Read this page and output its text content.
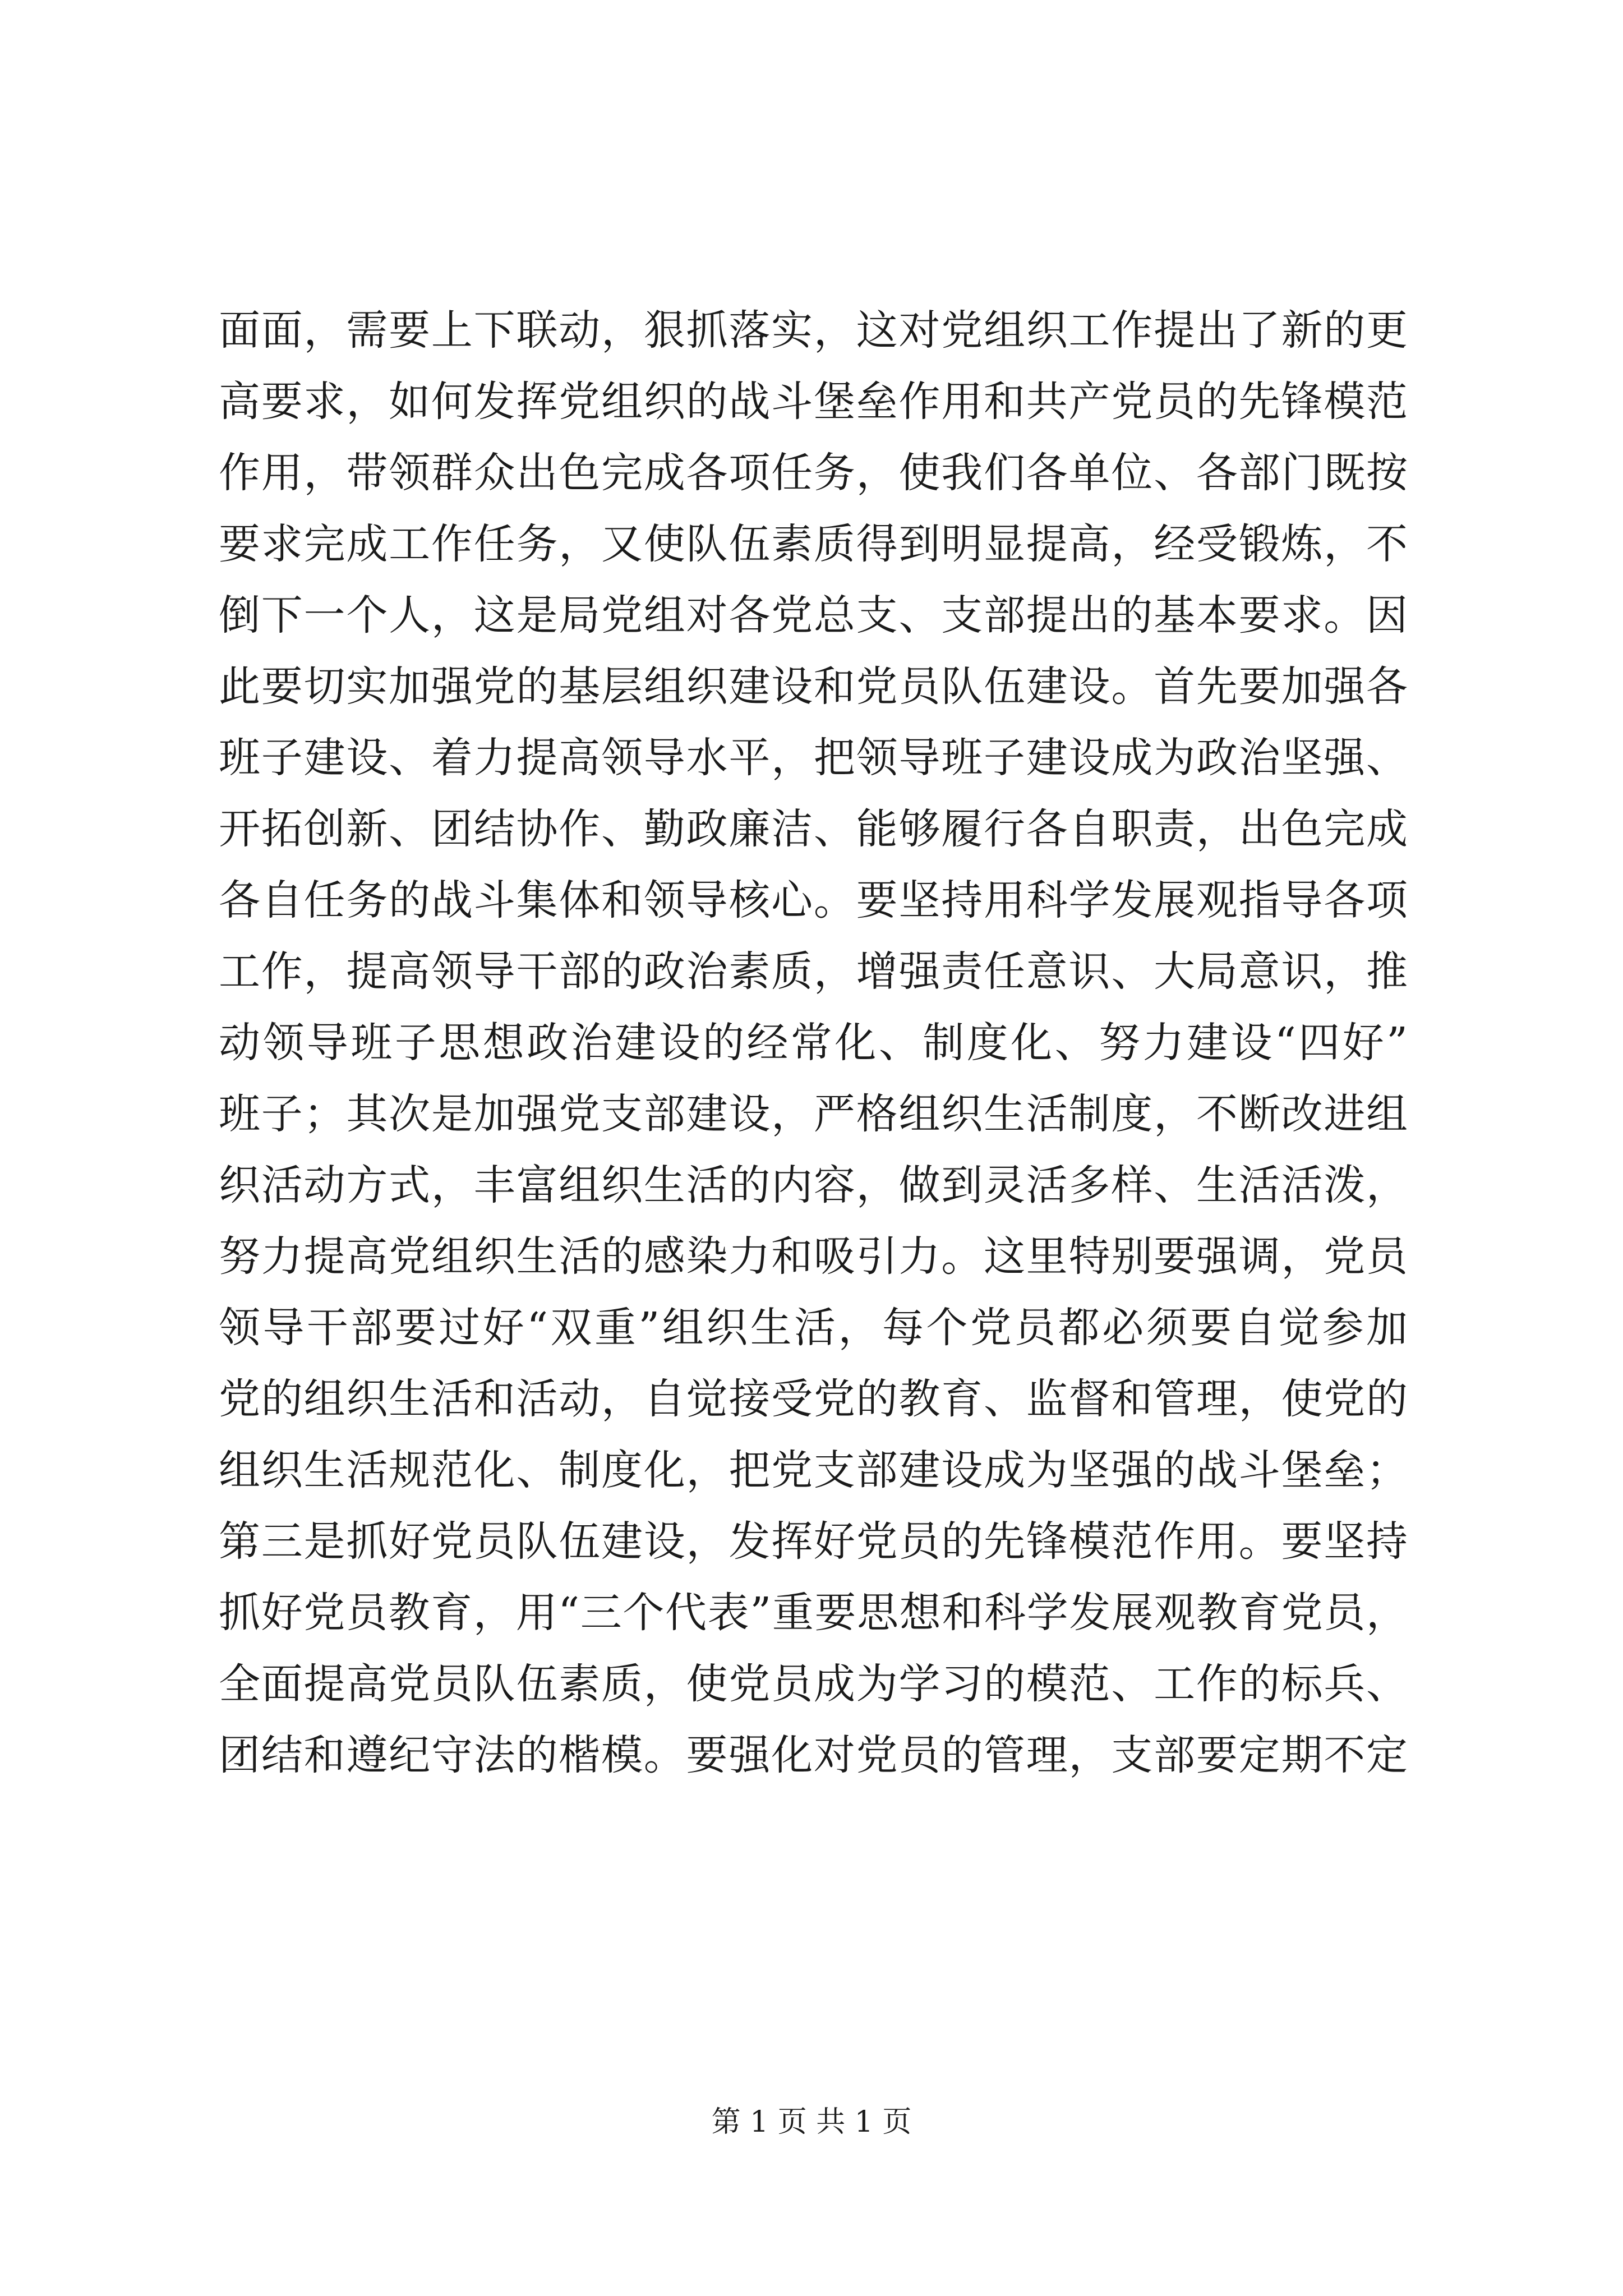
面面，需要上下联动，狠抓落实，这对党组织工作提出了新的更
高要求，如何发挥党组织的战斗堡垒作用和共产党员的先锋模范
作用，带领群众出色完成各项任务，使我们各单位、各部门既按
要求完成工作任务，又使队伍素质得到明显提高，经受锻炼，不
倒下一个人，这是局党组对各党总支、支部提出的基本要求。因
此要切实加强党的基层组织建设和党员队伍建设。首先要加强各
班子建设、着力提高领导水平，把领导班子建设成为政治坚强、
开拓创新、团结协作、勤政廉洁、能够履行各自职责，出色完成
各自任务的战斗集体和领导核心。要坚持用科学发展观指导各项
工作，提高领导干部的政治素质，增强责任意识、大局意识，推
动领导班子思想政治建设的经常化、制度化、努力建设“四好”
班子；其次是加强党支部建设，严格组织生活制度，不断改进组
织活动方式，丰富组织生活的内容，做到灵活多样、生活活泼，
努力提高党组织生活的感染力和吸引力。这里特别要强调，党员
领导干部要过好“双重”组织生活，每个党员都必须要自觉参加
党的组织生活和活动，自觉接受党的教育、监督和管理，使党的
组织生活规范化、制度化，把党支部建设成为坚强的战斗堡垒；
第三是抓好党员队伍建设，发挥好党员的先锋模范作用。要坚持
抓好党员教育，用“三个代表”重要思想和科学发展观教育党员，
全面提高党员队伍素质，使党员成为学习的模范、工作的标兵、
团结和遵纪守法的楷模。要强化对党员的管理，支部要定期不定
第 1 页 共 1 页
